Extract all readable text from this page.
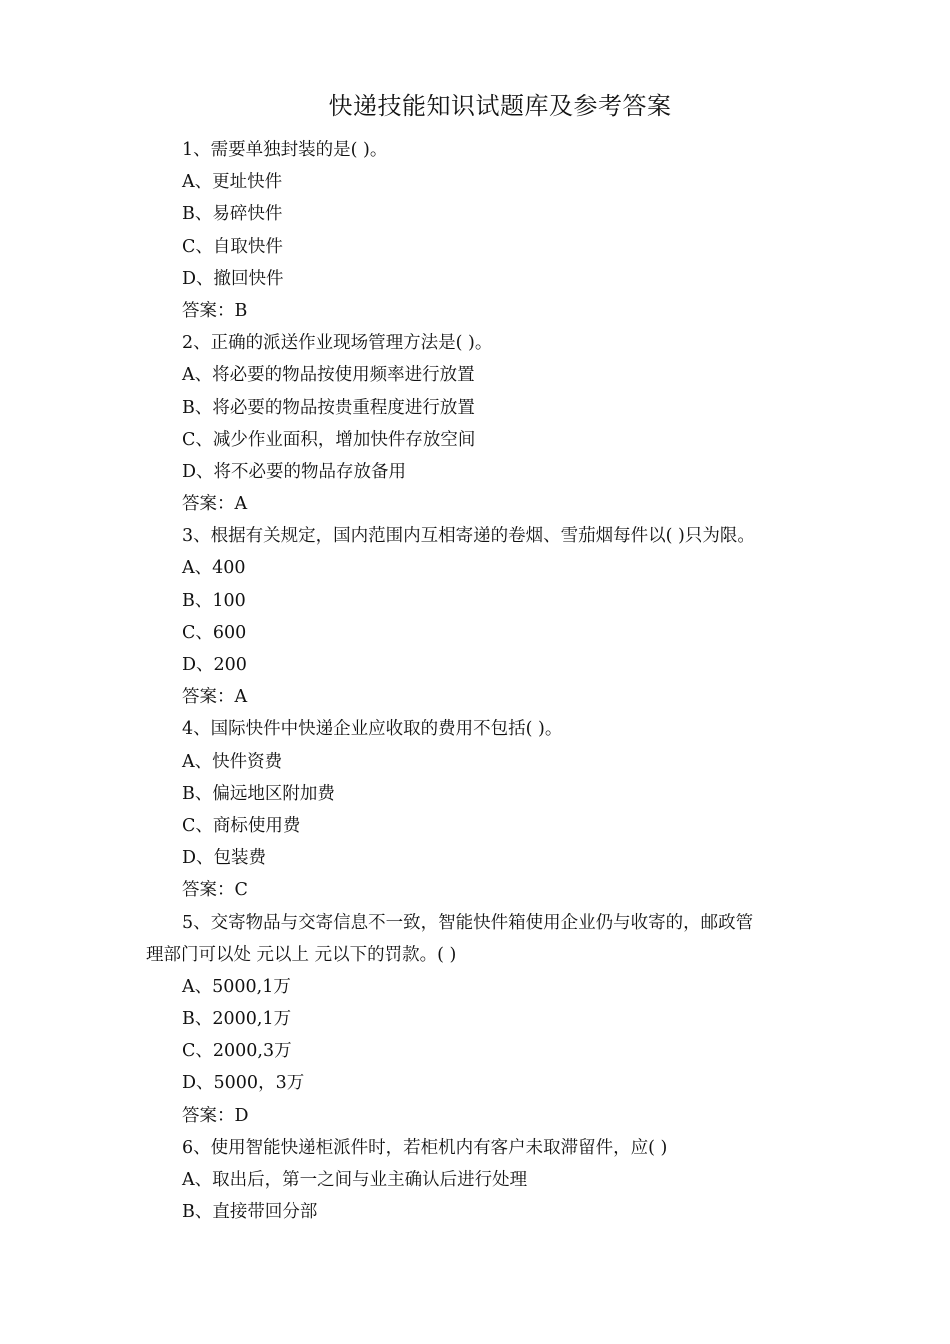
快递技能知识试题库及参考答案
1、需要单独封装的是( )。
A、更址快件
B、易碎快件
C、自取快件
D、撤回快件
答案：B
2、正确的派送作业现场管理方法是( )。
A、将必要的物品按使用频率进行放置
B、将必要的物品按贵重程度进行放置
C、减少作业面积，增加快件存放空间
D、将不必要的物品存放备用
答案：A
3、根据有关规定，国内范围内互相寄递的卷烟、雪茄烟每件以( )只为限。
A、400
B、100
C、600
D、200
答案：A
4、国际快件中快递企业应收取的费用不包括( )。
A、快件资费
B、偏远地区附加费
C、商标使用费
D、包装费
答案：C
5、交寄物品与交寄信息不一致，智能快件箱使用企业仍与收寄的，邮政管
理部门可以处 元以上 元以下的罚款。( )
A、5000,1万
B、2000,1万
C、2000,3万
D、5000，3万
答案：D
6、使用智能快递柜派件时，若柜机内有客户未取滞留件，应( )
A、取出后，第一之间与业主确认后进行处理
B、直接带回分部
